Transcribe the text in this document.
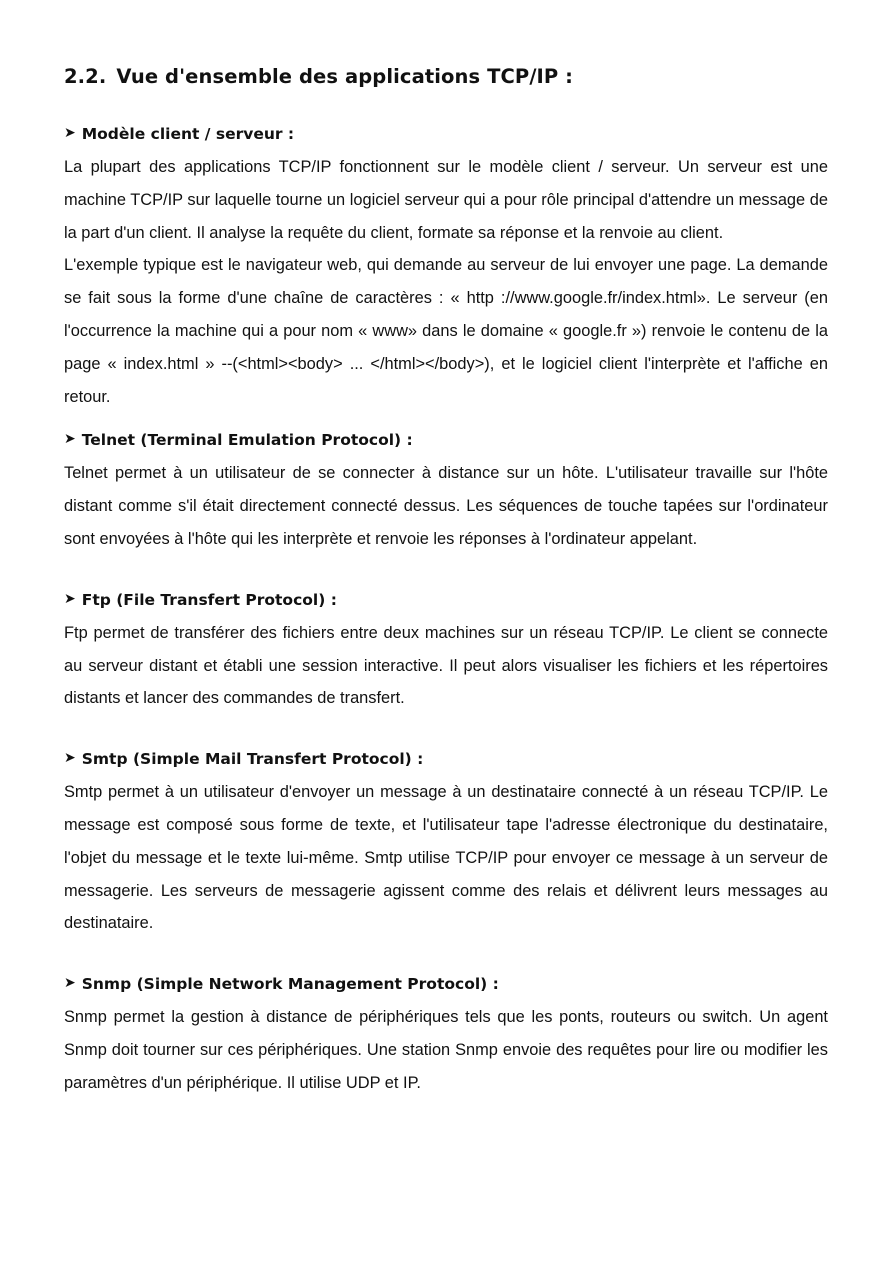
2.2. Vue d'ensemble des applications TCP/IP :
➤ Modèle client / serveur :

La plupart des applications TCP/IP fonctionnent sur le modèle client / serveur. Un serveur est une machine TCP/IP sur laquelle tourne un logiciel serveur qui a pour rôle principal d'attendre un message de la part d'un client. Il analyse la requête du client, formate sa réponse et la renvoie au client.

L'exemple typique est le navigateur web, qui demande au serveur de lui envoyer une page. La demande se fait sous la forme d'une chaîne de caractères : « http ://www.google.fr/index.html». Le serveur (en l'occurrence la machine qui a pour nom « www» dans le domaine « google.fr ») renvoie le contenu de la page « index.html » --(<html><body> ... </html></body>), et le logiciel client l'interprète et l'affiche en retour.

➤ Telnet (Terminal Emulation Protocol) :

Telnet permet à un utilisateur de se connecter à distance sur un hôte. L'utilisateur travaille sur l'hôte distant comme s'il était directement connecté dessus. Les séquences de touche tapées sur l'ordinateur sont envoyées à l'hôte qui les interprète et renvoie les réponses à l'ordinateur appelant.

➤ Ftp (File Transfert Protocol) :

Ftp permet de transférer des fichiers entre deux machines sur un réseau TCP/IP. Le client se connecte au serveur distant et établi une session interactive. Il peut alors visualiser les fichiers et les répertoires distants et lancer des commandes de transfert.

➤ Smtp (Simple Mail Transfert Protocol) :

Smtp permet à un utilisateur d'envoyer un message à un destinataire connecté à un réseau TCP/IP. Le message est composé sous forme de texte, et l'utilisateur tape l'adresse électronique du destinataire, l'objet du message et le texte lui-même. Smtp utilise TCP/IP pour envoyer ce message à un serveur de messagerie. Les serveurs de messagerie agissent comme des relais et délivrent leurs messages au destinataire.

➤ Snmp (Simple Network Management Protocol) :

Snmp permet la gestion à distance de périphériques tels que les ponts, routeurs ou switch. Un agent Snmp doit tourner sur ces périphériques. Une station Snmp envoie des requêtes pour lire ou modifier les paramètres d'un périphérique. Il utilise UDP et IP.
